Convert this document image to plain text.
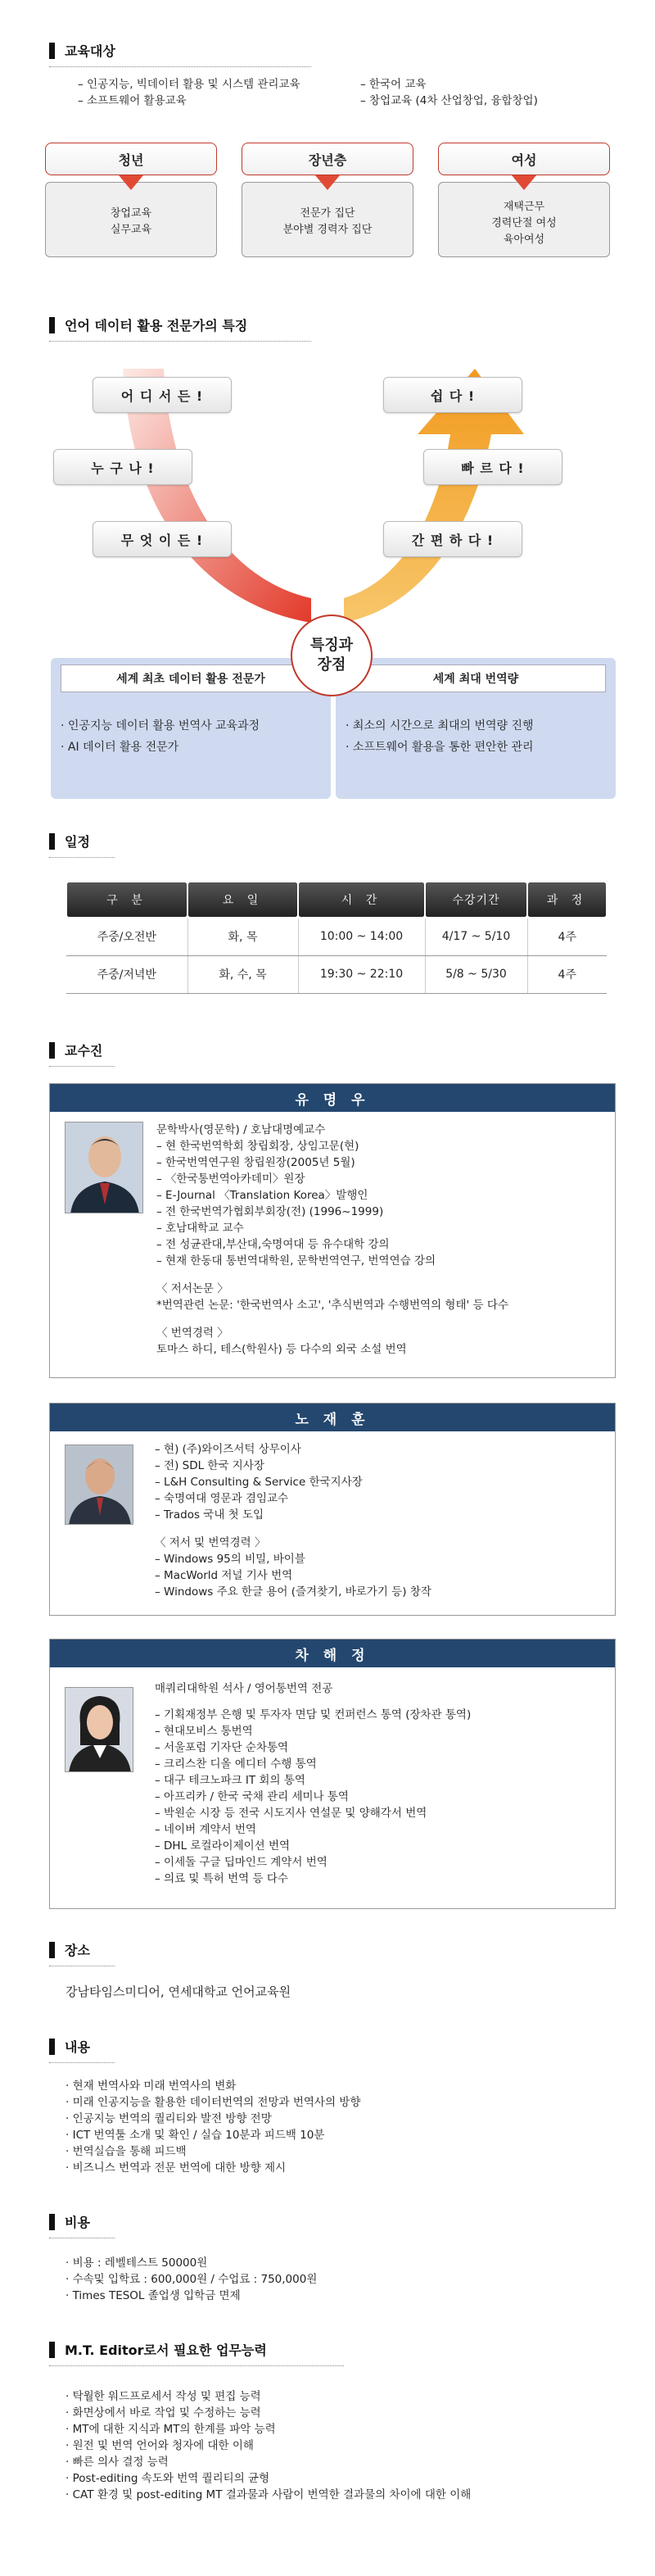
교육대상
– 인공지능, 빅데이터 활용 및 시스템 관리교육
– 소프트웨어 활용교육
– 한국어 교육
– 창업교육 (4차 산업창업, 융합창업)
창업교육
실무교육
청년
전문가 집단
분야별 경력자 집단
장년층
재택근무
경력단절 여성
육아여성
여성
언어 데이터 활용 전문가의 특징
어 디 서 든 !
누 구 나 !
무 엇 이 든 !
쉽 다 !
빠 르 다 !
간 편 하 다 !
세계 최초 데이터 활용 전문가
· 인공지능 데이터 활용 번역사 교육과정
· AI 데이터 활용 전문가
세계 최대 번역량
· 최소의 시간으로 최대의 번역량 진행
· 소프트웨어 활용을 통한 편안한 관리
특징과
장점
일정
구 분	요 일	시 간	수강기간	과 정
주중/오전반	화, 목	10:00 ~ 14:00	4/17 ~ 5/10	4주
주중/저녁반	화, 수, 목	19:30 ~ 22:10	5/8 ~ 5/30	4주
교수진
유 명 우
문학박사(영문학) / 호남대명예교수
– 현 한국번역학회 창립회장, 상임고문(현)
– 한국번역연구원 창립원장(2005년 5월)
– 〈한국통번역아카데미〉원장
– E-Journal 〈Translation Korea〉발행인
– 전 한국번역가협회부회장(전) (1996~1999)
– 호남대학교 교수
– 전 성균관대,부산대,숙명여대 등 유수대학 강의
– 현재 한동대 통번역대학원, 문학번역연구, 번역연습 강의
〈 저서논문 〉
*번역관련 논문: '한국번역사 소고', '추식번역과 수행번역의 형태' 등 다수
〈 번역경력 〉
토마스 하디, 테스(학원사) 등 다수의 외국 소설 번역
노 재 훈
– 현) (주)와이즈서턱 상무이사
– 전) SDL 한국 지사장
– L&H Consulting & Service 한국지사장
– 숙명여대 영문과 겸임교수
– Trados 국내 첫 도입
〈 저서 및 번역경력 〉
– Windows 95의 비밀, 바이블
– MacWorld 저널 기사 번역
– Windows 주요 한글 용어 (즐겨찾기, 바로가기 등) 창작
차 해 정
매쿼리대학원 석사 / 영어통번역 전공
– 기획재정부 은행 및 투자자 면담 및 컨퍼런스 통역 (장차관 통역)
– 현대모비스 통번역
– 서울포럼 기자단 순차통역
– 크리스찬 디올 에디터 수행 통역
– 대구 테크노파크 IT 회의 통역
– 아프리카 / 한국 국채 관리 세미나 통역
– 박원순 시장 등 전국 시도지사 연설문 및 양해각서 번역
– 네이버 계약서 번역
– DHL 로컬라이제이션 번역
– 이세돌 구글 딥마인드 계약서 번역
– 의료 및 특허 번역 등 다수
장소
강남타임스미디어, 연세대학교 언어교육원
내용
· 현재 번역사와 미래 번역사의 변화
· 미래 인공지능을 활용한 데이터번역의 전망과 번역사의 방향
· 인공지능 번역의 퀄리티와 발전 방향 전망
· ICT 번역툴 소개 및 확인 / 실습 10분과 피드백 10분
· 번역실습을 통해 피드백
· 비즈니스 번역과 전문 번역에 대한 방향 제시
비용
· 비용 : 레벨테스트 50000원
· 수속및 입학료 : 600,000원 / 수업료 : 750,000원
· Times TESOL 졸업생 입학금 면제
M.T. Editor로서 필요한 업무능력
· 탁월한 워드프로세서 작성 및 편집 능력
· 화면상에서 바로 작업 및 수정하는 능력
· MT에 대한 지식과 MT의 한계를 파악 능력
· 원전 및 번역 언어와 청자에 대한 이해
· 빠른 의사 결정 능력
· Post-editing 속도와 번역 퀄리티의 균형
· CAT 환경 및 post-editing MT 결과물과 사람이 번역한 결과물의 차이에 대한 이해
